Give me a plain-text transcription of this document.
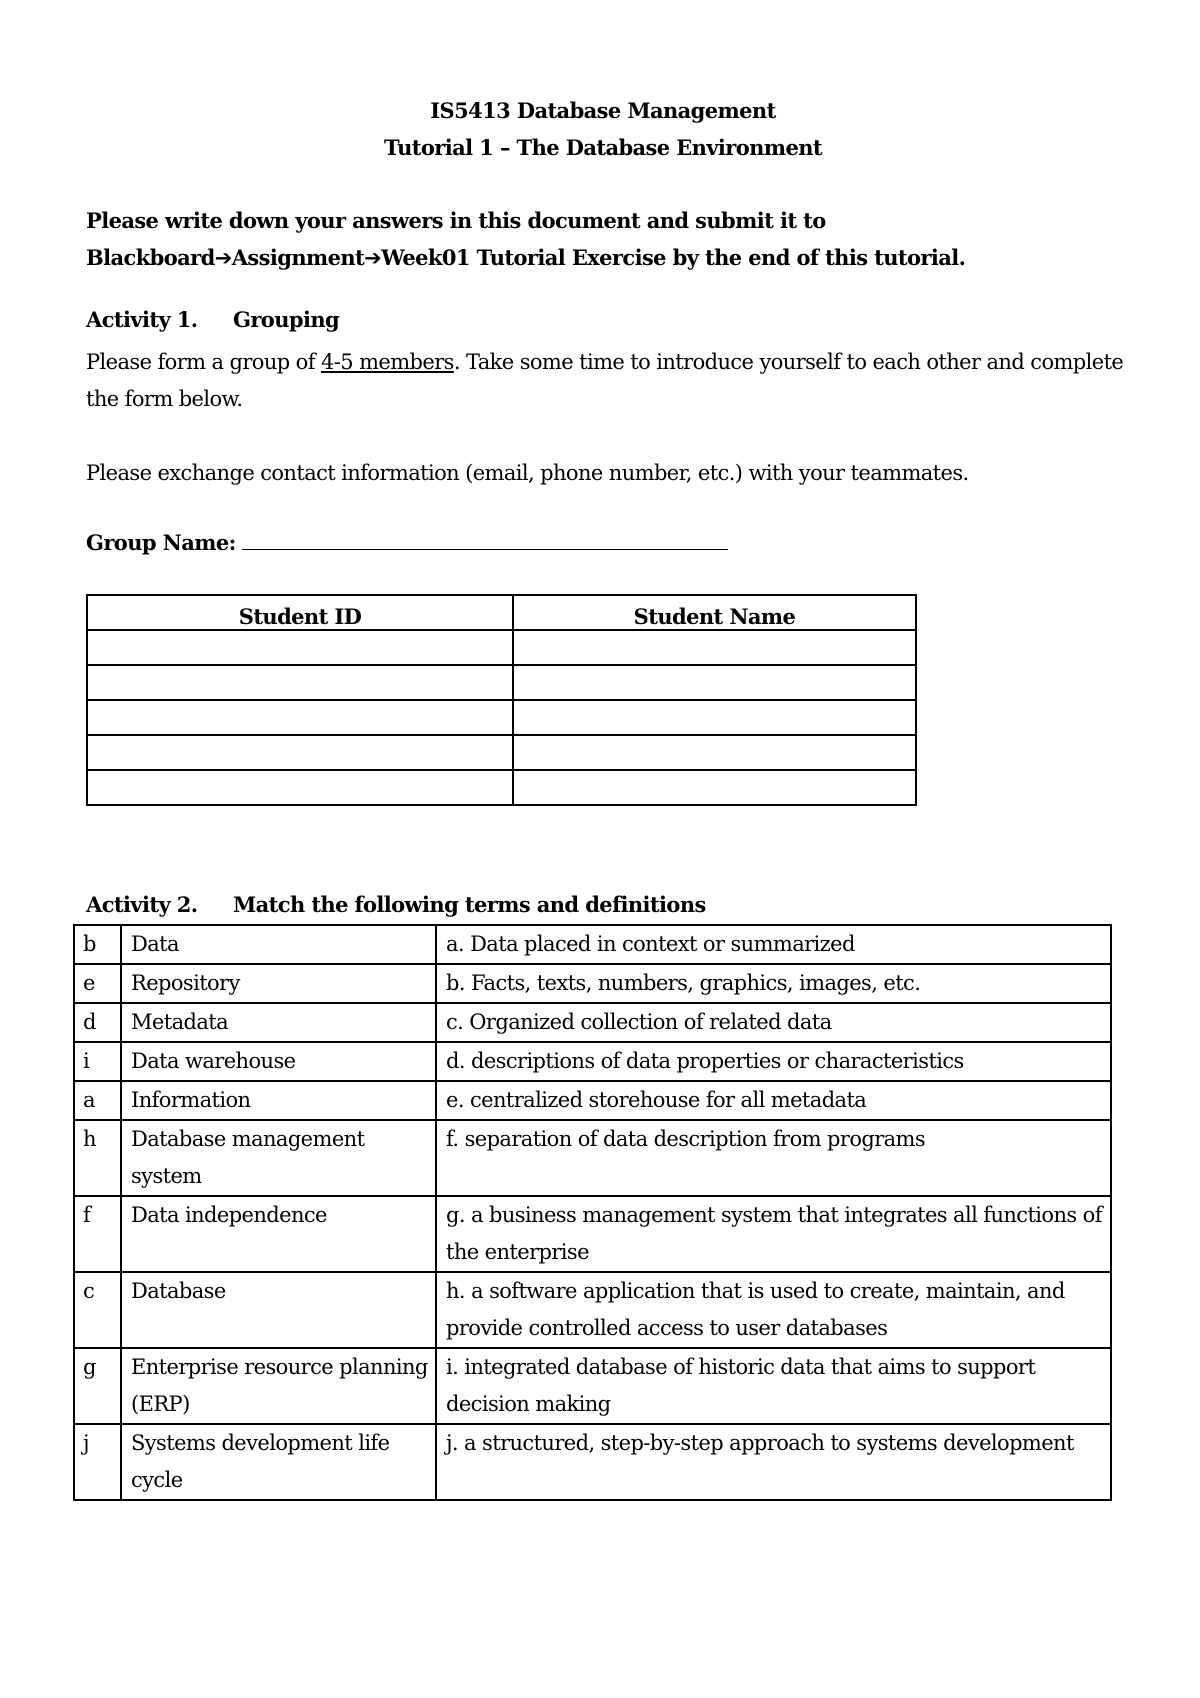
IS5413 Database Management
Tutorial 1 – The Database Environment
Please write down your answers in this document and submit it to
Blackboard➔Assignment➔Week01 Tutorial Exercise by the end of this tutorial.
Activity 1. Grouping
Please form a group of 4-5 members. Take some time to introduce yourself to each other and complete the form below.
Please exchange contact information (email, phone number, etc.) with your teammates.
Group Name:
Student ID	Student Name

Activity 2. Match the following terms and definitions
b	Data	a. Data placed in context or summarized
e	Repository	b. Facts, texts, numbers, graphics, images, etc.
d	Metadata	c. Organized collection of related data
i	Data warehouse	d. descriptions of data properties or characteristics
a	Information	e. centralized storehouse for all metadata
h	Database management system	f. separation of data description from programs
f	Data independence	g. a business management system that integrates all functions of the enterprise
c	Database	h. a software application that is used to create, maintain, and provide controlled access to user databases
g	Enterprise resource planning (ERP)	i. integrated database of historic data that aims to support decision making
j	Systems development life cycle	j. a structured, step-by-step approach to systems development
